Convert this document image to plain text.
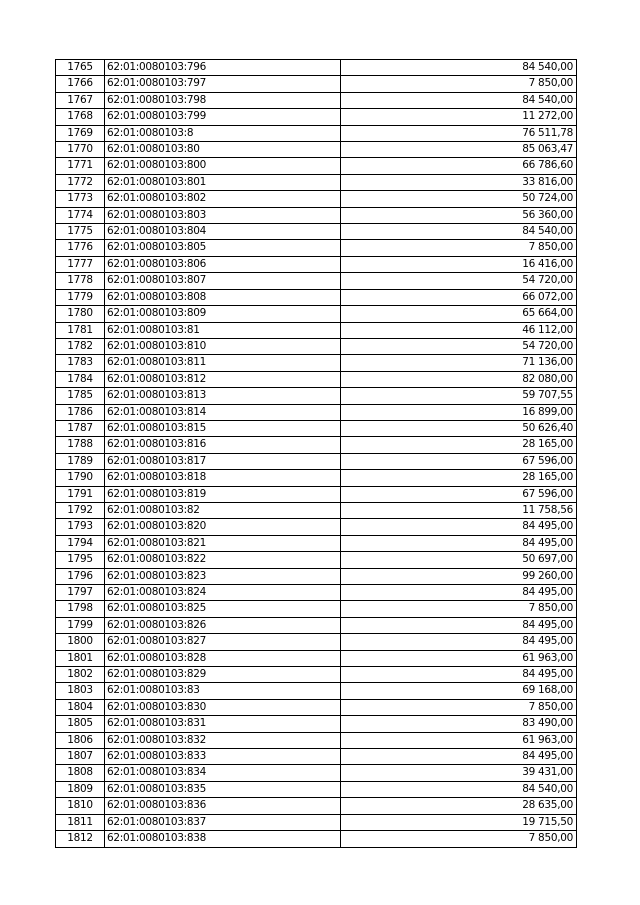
1765	62:01:0080103:796	84 540,00
1766	62:01:0080103:797	7 850,00
1767	62:01:0080103:798	84 540,00
1768	62:01:0080103:799	11 272,00
1769	62:01:0080103:8	76 511,78
1770	62:01:0080103:80	85 063,47
1771	62:01:0080103:800	66 786,60
1772	62:01:0080103:801	33 816,00
1773	62:01:0080103:802	50 724,00
1774	62:01:0080103:803	56 360,00
1775	62:01:0080103:804	84 540,00
1776	62:01:0080103:805	7 850,00
1777	62:01:0080103:806	16 416,00
1778	62:01:0080103:807	54 720,00
1779	62:01:0080103:808	66 072,00
1780	62:01:0080103:809	65 664,00
1781	62:01:0080103:81	46 112,00
1782	62:01:0080103:810	54 720,00
1783	62:01:0080103:811	71 136,00
1784	62:01:0080103:812	82 080,00
1785	62:01:0080103:813	59 707,55
1786	62:01:0080103:814	16 899,00
1787	62:01:0080103:815	50 626,40
1788	62:01:0080103:816	28 165,00
1789	62:01:0080103:817	67 596,00
1790	62:01:0080103:818	28 165,00
1791	62:01:0080103:819	67 596,00
1792	62:01:0080103:82	11 758,56
1793	62:01:0080103:820	84 495,00
1794	62:01:0080103:821	84 495,00
1795	62:01:0080103:822	50 697,00
1796	62:01:0080103:823	99 260,00
1797	62:01:0080103:824	84 495,00
1798	62:01:0080103:825	7 850,00
1799	62:01:0080103:826	84 495,00
1800	62:01:0080103:827	84 495,00
1801	62:01:0080103:828	61 963,00
1802	62:01:0080103:829	84 495,00
1803	62:01:0080103:83	69 168,00
1804	62:01:0080103:830	7 850,00
1805	62:01:0080103:831	83 490,00
1806	62:01:0080103:832	61 963,00
1807	62:01:0080103:833	84 495,00
1808	62:01:0080103:834	39 431,00
1809	62:01:0080103:835	84 540,00
1810	62:01:0080103:836	28 635,00
1811	62:01:0080103:837	19 715,50
1812	62:01:0080103:838	7 850,00
